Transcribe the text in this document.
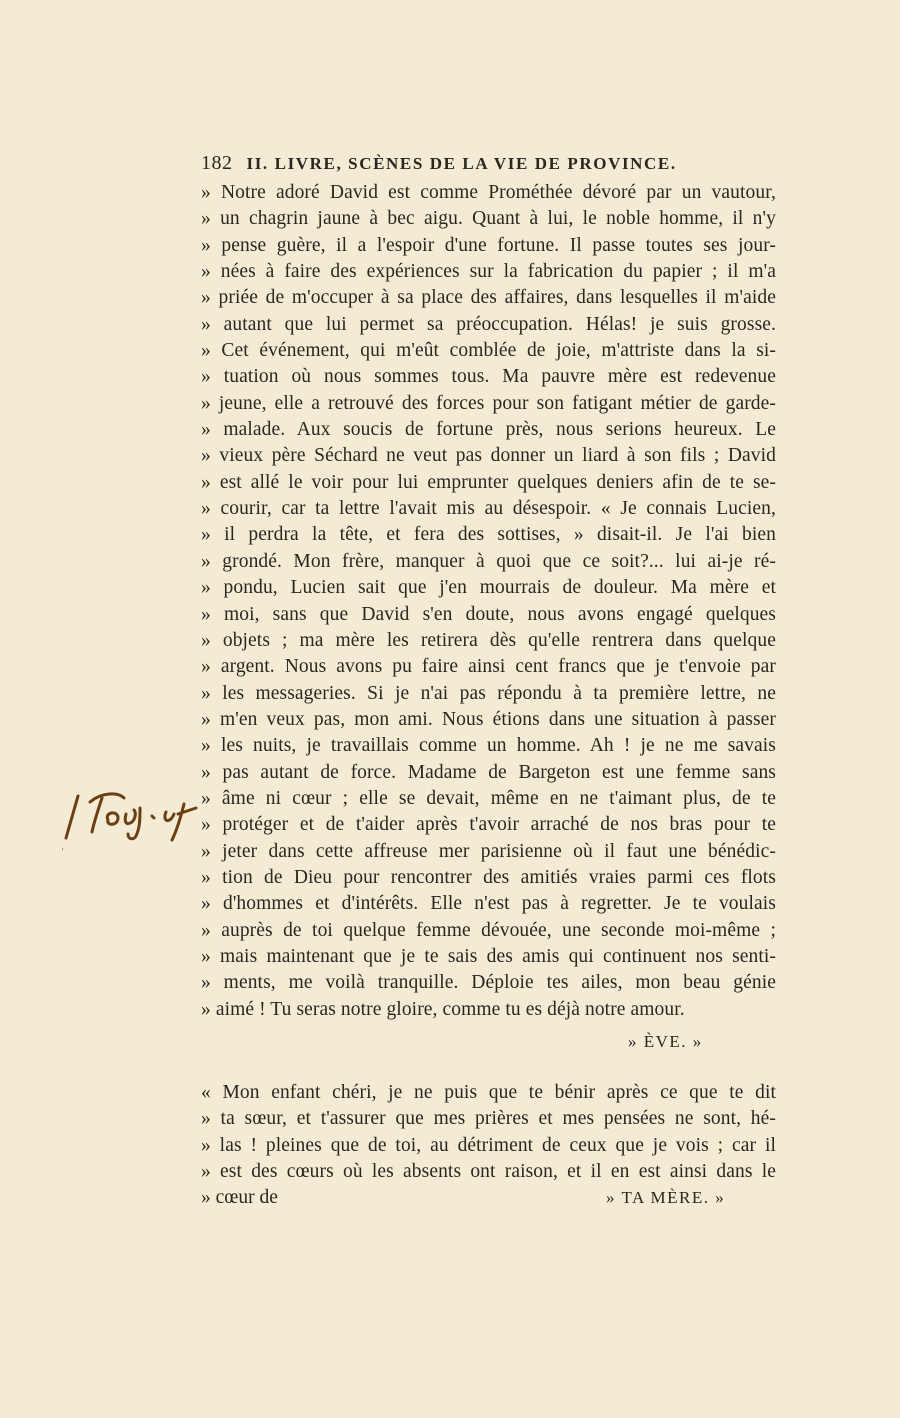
182 II. LIVRE, SCÈNES DE LA VIE DE PROVINCE.
» Notre adoré David est comme Prométhée dévoré par un vautour,
» un chagrin jaune à bec aigu. Quant à lui, le noble homme, il n'y
» pense guère, il a l'espoir d'une fortune. Il passe toutes ses jour-
» nées à faire des expériences sur la fabrication du papier ; il m'a
» priée de m'occuper à sa place des affaires, dans lesquelles il m'aide
» autant que lui permet sa préoccupation. Hélas! je suis grosse.
» Cet événement, qui m'eût comblée de joie, m'attriste dans la si-
» tuation où nous sommes tous. Ma pauvre mère est redevenue
» jeune, elle a retrouvé des forces pour son fatigant métier de garde-
» malade. Aux soucis de fortune près, nous serions heureux. Le
» vieux père Séchard ne veut pas donner un liard à son fils ; David
» est allé le voir pour lui emprunter quelques deniers afin de te se-
» courir, car ta lettre l'avait mis au désespoir. « Je connais Lucien,
» il perdra la tête, et fera des sottises, » disait-il. Je l'ai bien
» grondé. Mon frère, manquer à quoi que ce soit?... lui ai-je ré-
» pondu, Lucien sait que j'en mourrais de douleur. Ma mère et
» moi, sans que David s'en doute, nous avons engagé quelques
» objets ; ma mère les retirera dès qu'elle rentrera dans quelque
» argent. Nous avons pu faire ainsi cent francs que je t'envoie par
» les messageries. Si je n'ai pas répondu à ta première lettre, ne
» m'en veux pas, mon ami. Nous étions dans une situation à passer
» les nuits, je travaillais comme un homme. Ah ! je ne me savais
» pas autant de force. Madame de Bargeton est une femme sans
» âme ni cœur ; elle se devait, même en ne t'aimant plus, de te
» protéger et de t'aider après t'avoir arraché de nos bras pour te
» jeter dans cette affreuse mer parisienne où il faut une bénédic-
» tion de Dieu pour rencontrer des amitiés vraies parmi ces flots
» d'hommes et d'intérêts. Elle n'est pas à regretter. Je te voulais
» auprès de toi quelque femme dévouée, une seconde moi-même ;
» mais maintenant que je te sais des amis qui continuent nos senti-
» ments, me voilà tranquille. Déploie tes ailes, mon beau génie
» aimé ! Tu seras notre gloire, comme tu es déjà notre amour.
» ÈVE. »
« Mon enfant chéri, je ne puis que te bénir après ce que te dit
» ta sœur, et t'assurer que mes prières et mes pensées ne sont, hé-
» las ! pleines que de toi, au détriment de ceux que je vois ; car il
» est des cœurs où les absents ont raison, et il en est ainsi dans le
» cœur de	» TA MÈRE. »
